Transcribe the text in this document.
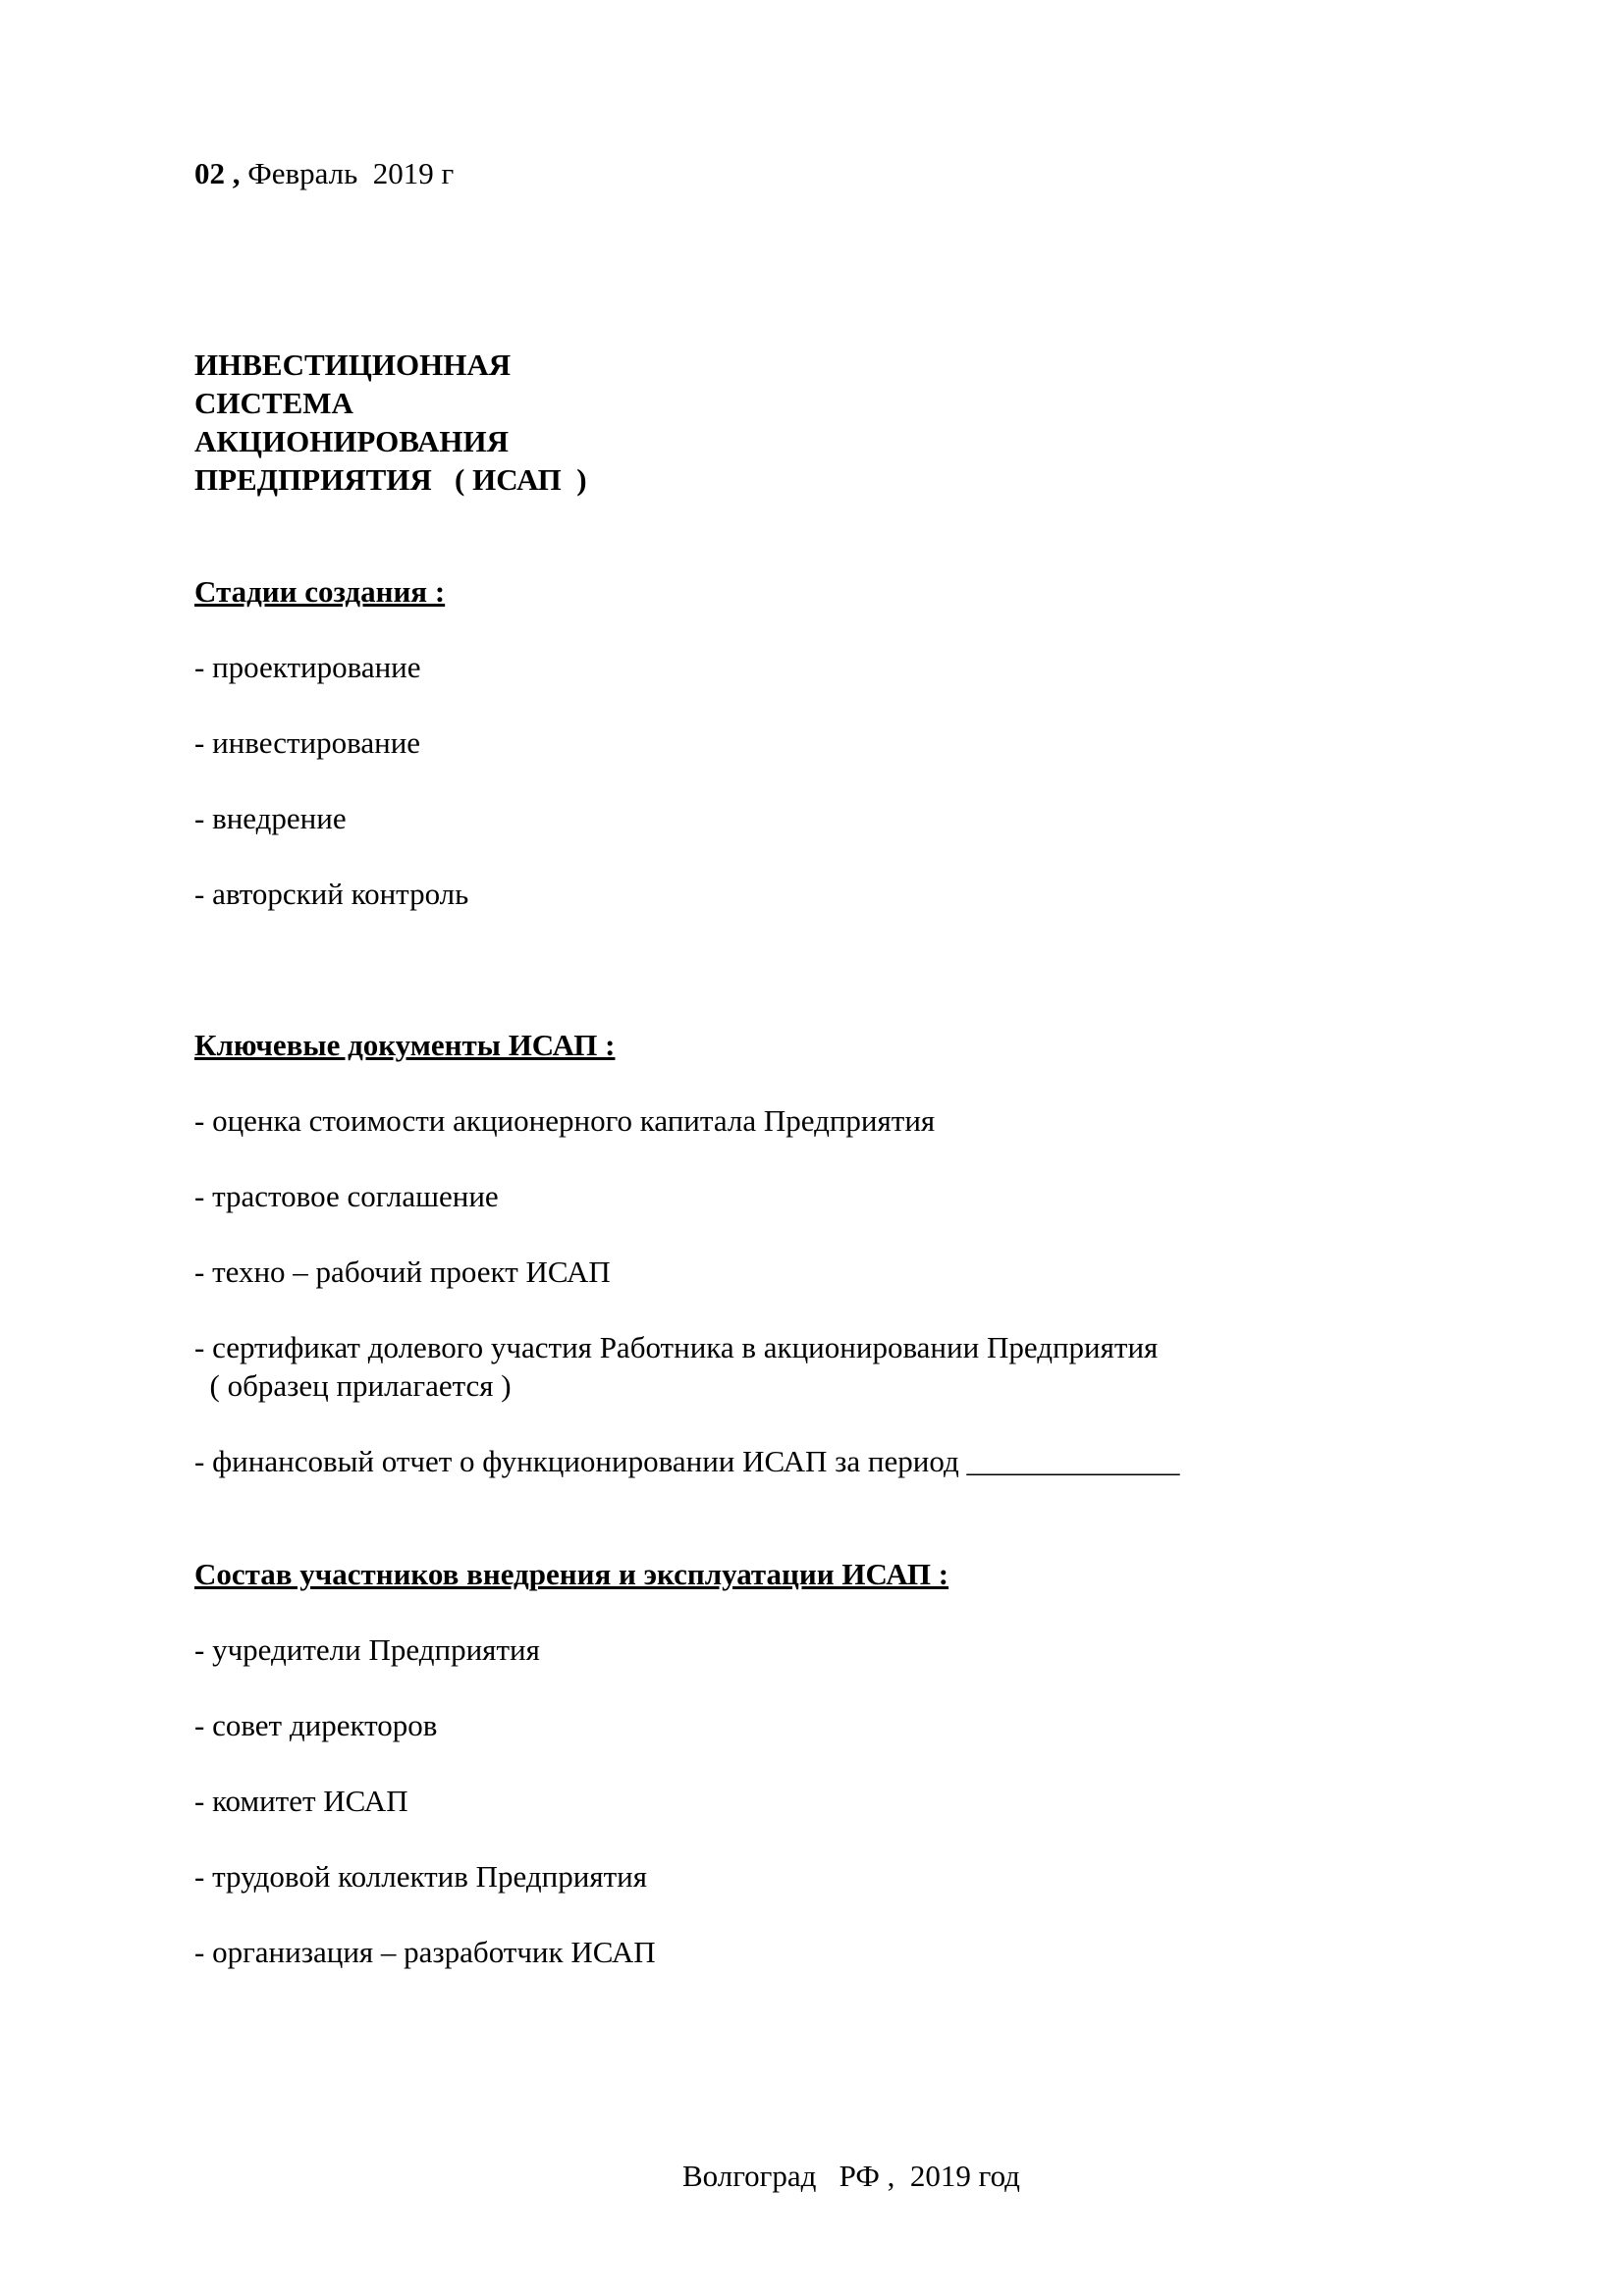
02 , Февраль  2019 г
ИНВЕСТИЦИОННАЯ
СИСТЕМА
АКЦИОНИРОВАНИЯ
ПРЕДПРИЯТИЯ   ( ИСАП  )
Стадии создания :
- проектирование
- инвестирование
- внедрение
- авторский контроль
Ключевые документы ИСАП :
- оценка стоимости акционерного капитала Предприятия
- трастовое соглашение
- техно – рабочий проект ИСАП
- сертификат долевого участия Работника в акционировании Предприятия
( образец прилагается )
- финансовый отчет о функционировании ИСАП за период ______________
Состав участников внедрения и эксплуатации ИСАП :
- учредители Предприятия
- совет директоров
- комитет ИСАП
- трудовой коллектив Предприятия
- организация – разработчик ИСАП
Волгоград   РФ ,  2019 год
